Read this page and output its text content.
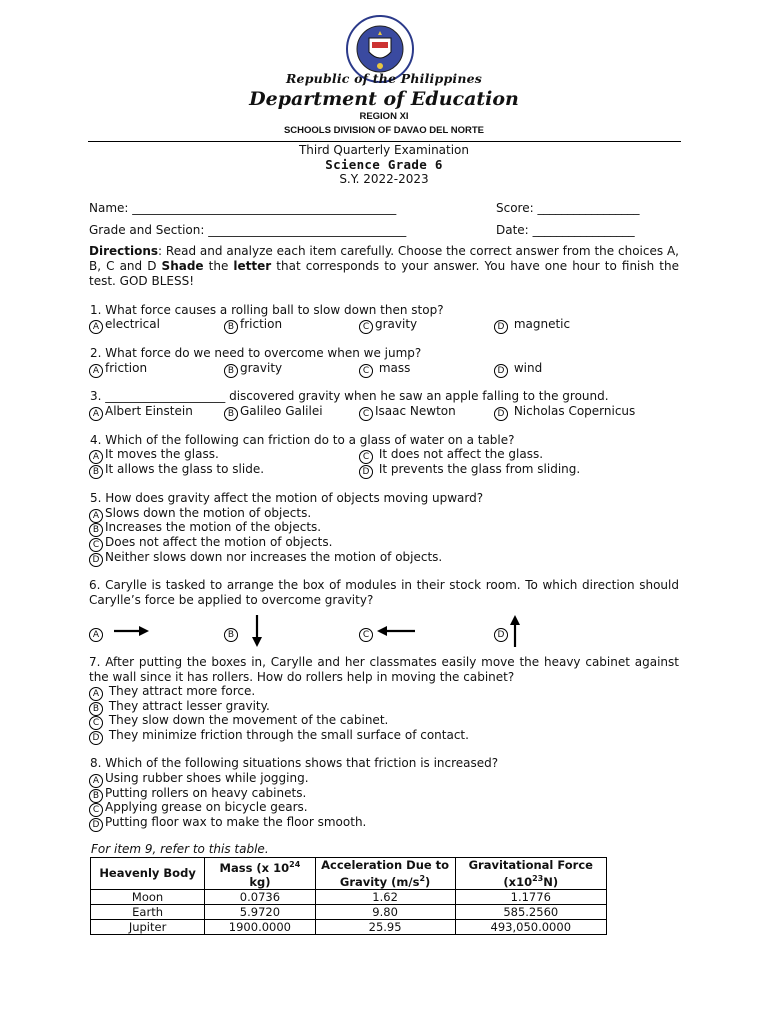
Republic of the Philippines
Department of Education
REGION XI
SCHOOLS DIVISION OF DAVAO DEL NORTE
Third Quarterly Examination
Science Grade 6
S.Y. 2022-2023
Name: ____________________________________________	Score: _________________
Grade and Section: _________________________________	Date: _________________
Directions: Read and analyze each item carefully. Choose the correct answer from the choices A, B, C and D Shade the letter that corresponds to your answer. You have one hour to finish the test. GOD BLESS!
1. What force causes a rolling ball to slow down then stop?
A electrical	B friction	C gravity	D magnetic
2. What force do we need to overcome when we jump?
A friction	B gravity	C mass	D wind
3. ____________________ discovered gravity when he saw an apple falling to the ground.
A Albert Einstein	B Galileo Galilei	C Isaac Newton	D Nicholas Copernicus
4. Which of the following can friction do to a glass of water on a table?
A It moves the glass.
B It allows the glass to slide.
C It does not affect the glass.
D It prevents the glass from sliding.
5. How does gravity affect the motion of objects moving upward?
A Slows down the motion of objects.
B Increases the motion of the objects.
C Does not affect the motion of objects.
D Neither slows down nor increases the motion of objects.
6. Carylle is tasked to arrange the box of modules in their stock room. To which direction should Carylle’s force be applied to overcome gravity?
A	B	C	D
7. After putting the boxes in, Carylle and her classmates easily move the heavy cabinet against the wall since it has rollers. How do rollers help in moving the cabinet?
A They attract more force.
B They attract lesser gravity.
C They slow down the movement of the cabinet.
D They minimize friction through the small surface of contact.
8. Which of the following situations shows that friction is increased?
A Using rubber shoes while jogging.
B Putting rollers on heavy cabinets.
C Applying grease on bicycle gears.
D Putting floor wax to make the floor smooth.
For item 9, refer to this table.
Heavenly Body	Mass (x $10^{24}$ kg)	Acceleration Due to Gravity $(m/s^2)$	Gravitational Force $(x10^{23}N)$
Moon	0.0736	1.62	1.1776
Earth	5.9720	9.80	585.2560
Jupiter	1900.0000	25.95	493,050.0000
